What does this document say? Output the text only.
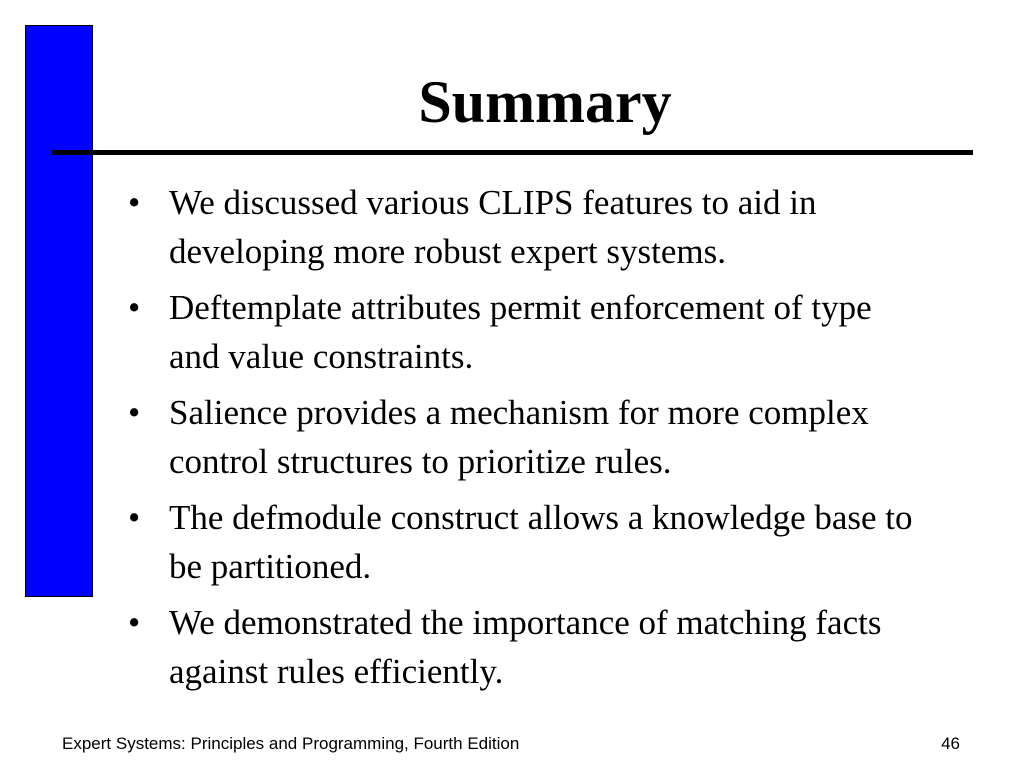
Summary
• We discussed various CLIPS features to aid in developing more robust expert systems.
• Deftemplate attributes permit enforcement of type and value constraints.
• Salience provides a mechanism for more complex control structures to prioritize rules.
• The defmodule construct allows a knowledge base to be partitioned.
• We demonstrated the importance of matching facts against rules efficiently.
Expert Systems: Principles and Programming, Fourth Edition	46
